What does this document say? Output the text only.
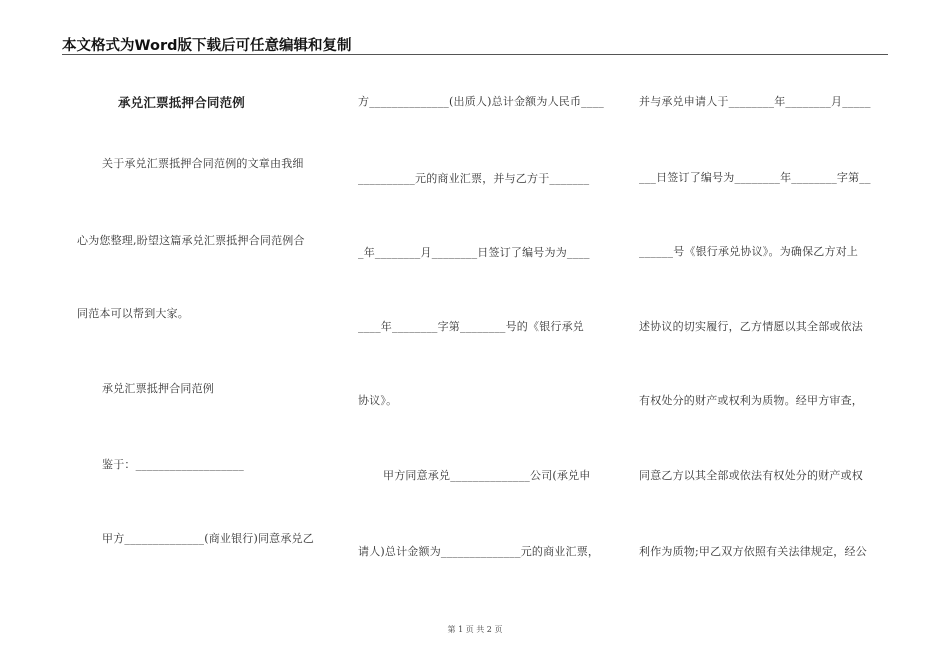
本文格式为Word版下载后可任意编辑和复制
承兑汇票抵押合同范例
关于承兑汇票抵押合同范例的文章由我细
心为您整理,盼望这篇承兑汇票抵押合同范例合
同范本可以帮到大家。
承兑汇票抵押合同范例
鉴于：___________________
甲方______________(商业银行)同意承兑乙
方______________(出质人)总计金额为人民币____
__________元的商业汇票，并与乙方于_______
_年________月________日签订了编号为为____
____年________字第________号的《银行承兑
协议》。
甲方同意承兑______________公司(承兑申
请人)总计金额为______________元的商业汇票，
并与承兑申请人于________年________月_____
___日签订了编号为________年________字第__
______号《银行承兑协议》。为确保乙方对上
述协议的切实履行，乙方情愿以其全部或依法
有权处分的财产或权利为质物。经甲方审查，
同意乙方以其全部或依法有权处分的财产或权
利作为质物;甲乙双方依照有关法律规定，经公
第 1 页 共 2 页
